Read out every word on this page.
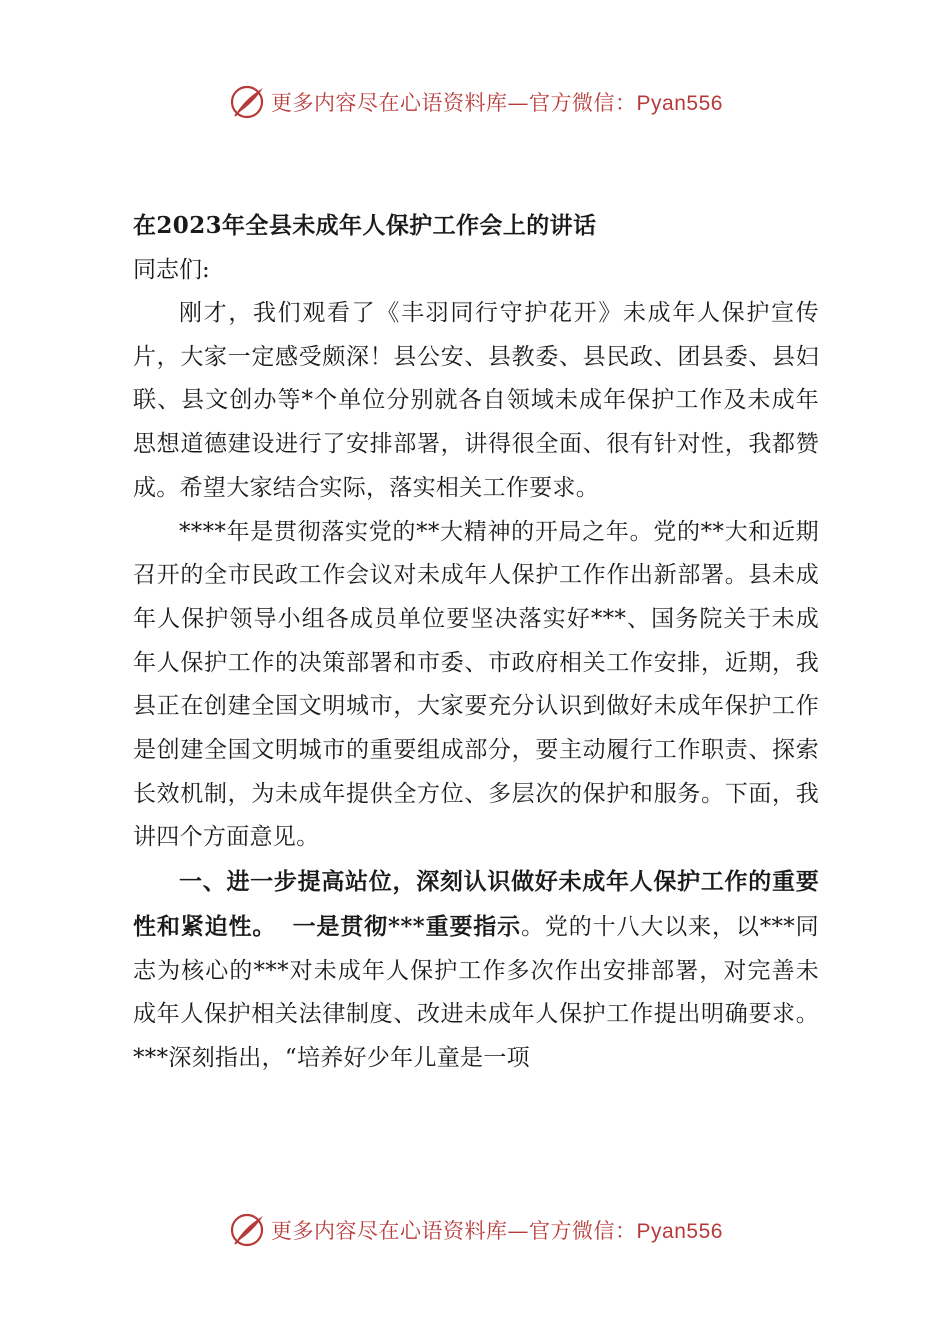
更多内容尽在心语资料库—官方微信：Pyan556
在2023年全县未成年人保护工作会上的讲话
同志们:

刚才，我们观看了《丰羽同行守护花开》未成年人保护宣传片，大家一定感受颇深！县公安、县教委、县民政、团县委、县妇联、县文创办等*个单位分别就各自领域未成年保护工作及未成年思想道德建设进行了安排部署，讲得很全面、很有针对性，我都赞成。希望大家结合实际，落实相关工作要求。

****年是贯彻落实党的**大精神的开局之年。党的**大和近期召开的全市民政工作会议对未成年人保护工作作出新部署。县未成年人保护领导小组各成员单位要坚决落实好***、国务院关于未成年人保护工作的决策部署和市委、市政府相关工作安排，近期，我县正在创建全国文明城市，大家要充分认识到做好未成年保护工作是创建全国文明城市的重要组成部分，要主动履行工作职责、探索长效机制，为未成年提供全方位、多层次的保护和服务。下面，我讲四个方面意见。

一、进一步提高站位，深刻认识做好未成年人保护工作的重要性和紧迫性。 一是贯彻***重要指示。党的十八大以来，以***同志为核心的***对未成年人保护工作多次作出安排部署，对完善未成年人保护相关法律制度、改进未成年人保护工作提出明确要求。***深刻指出，“培养好少年儿童是一项

更多内容尽在心语资料库—官方微信：Pyan556
